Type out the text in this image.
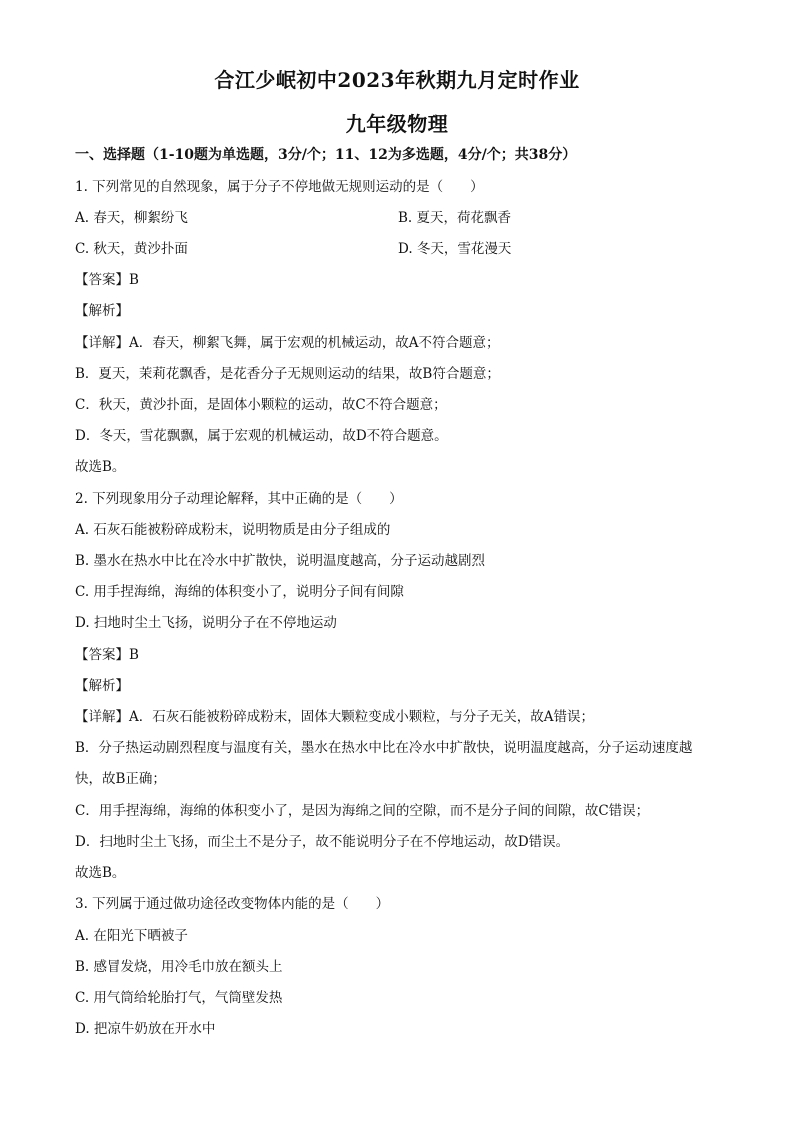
合江少岷初中2023年秋期九月定时作业
九年级物理
一、选择题（1-10题为单选题，3分/个；11、12为多选题，4分/个；共38分）
1. 下列常见的自然现象，属于分子不停地做无规则运动的是（　　）
A. 春天，柳絮纷飞	B. 夏天，荷花飘香
C. 秋天，黄沙扑面	D. 冬天，雪花漫天
【答案】B
【解析】
【详解】A．春天，柳絮飞舞，属于宏观的机械运动，故A不符合题意；
B．夏天，茉莉花飘香，是花香分子无规则运动的结果，故B符合题意；
C．秋天，黄沙扑面，是固体小颗粒的运动，故C不符合题意；
D．冬天，雪花飘飘，属于宏观的机械运动，故D不符合题意。
故选B。
2. 下列现象用分子动理论解释，其中正确的是（　　）
A. 石灰石能被粉碎成粉末，说明物质是由分子组成的
B. 墨水在热水中比在冷水中扩散快，说明温度越高，分子运动越剧烈
C. 用手捏海绵，海绵的体积变小了，说明分子间有间隙
D. 扫地时尘土飞扬，说明分子在不停地运动
【答案】B
【解析】
【详解】A．石灰石能被粉碎成粉末，固体大颗粒变成小颗粒，与分子无关，故A错误；
B．分子热运动剧烈程度与温度有关，墨水在热水中比在冷水中扩散快，说明温度越高，分子运动速度越
快，故B正确；
C．用手捏海绵，海绵的体积变小了，是因为海绵之间的空隙，而不是分子间的间隙，故C错误；
D．扫地时尘土飞扬，而尘土不是分子，故不能说明分子在不停地运动，故D错误。
故选B。
3. 下列属于通过做功途径改变物体内能的是（　　）
A. 在阳光下晒被子
B. 感冒发烧，用冷毛巾放在额头上
C. 用气筒给轮胎打气，气筒壁发热
D. 把凉牛奶放在开水中
